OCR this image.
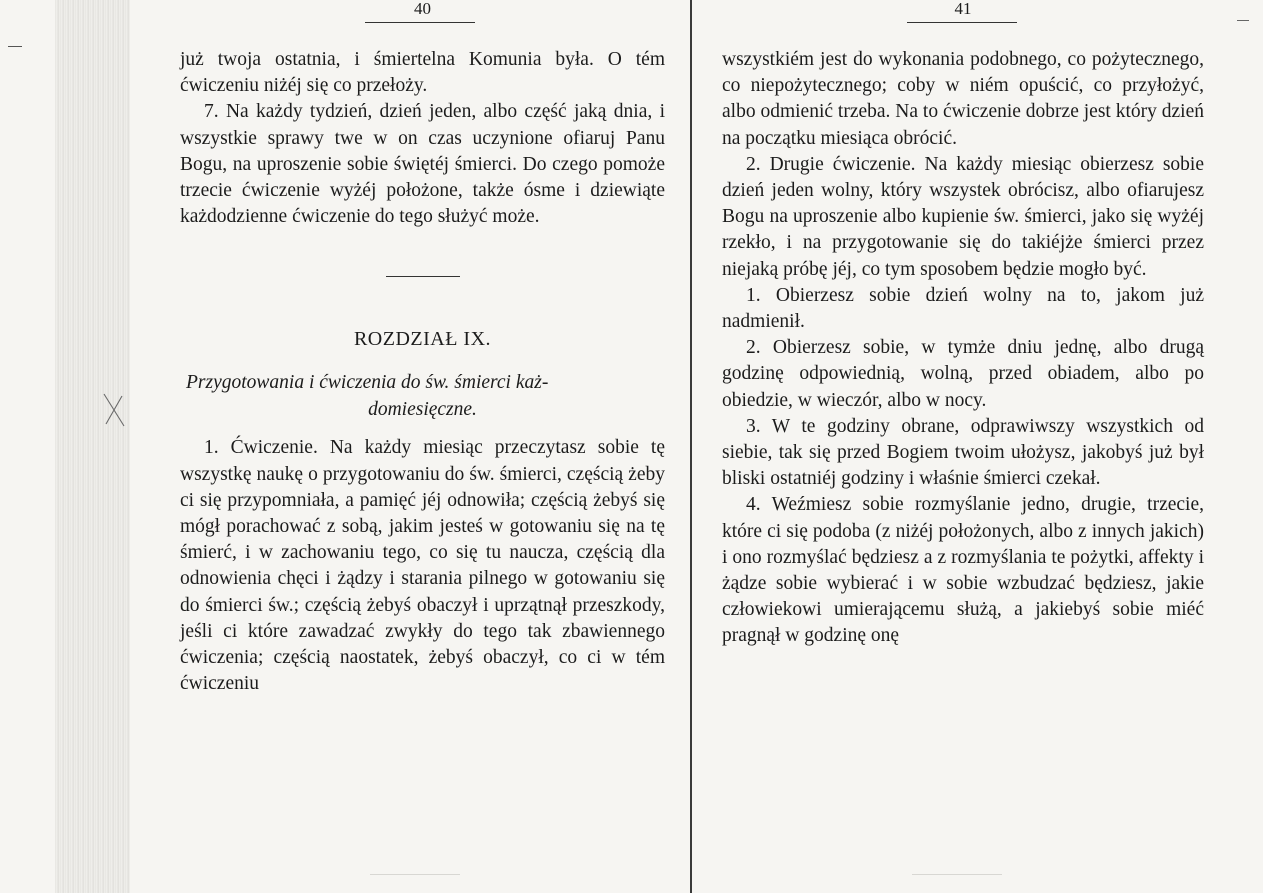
40

już twoja ostatnia, i śmiertelna Komunia była. O tém ćwiczeniu niżéj się co przełoży.

7. Na każdy tydzień, dzień jeden, albo część jaką dnia, i wszystkie sprawy twe w on czas uczynione ofiaruj Panu Bogu, na uproszenie sobie świętéj śmierci. Do czego pomoże trzecie ćwiczenie wyżéj położone, także ósme i dziewiąte każdodzienne ćwiczenie do tego służyć może.

ROZDZIAŁ IX.
Przygotowania i ćwiczenia do św. śmierci każ-
domiesięczne.

1. Ćwiczenie. Na każdy miesiąc przeczytasz sobie tę wszystkę naukę o przygotowaniu do św. śmierci, częścią żeby ci się przypomniała, a pamięć jéj odnowiła; częścią żebyś się mógł porachować z sobą, jakim jesteś w gotowaniu się na tę śmierć, i w zachowaniu tego, co się tu naucza, częścią dla odnowienia chęci i żądzy i starania pilnego w gotowaniu się do śmierci św.; częścią żebyś obaczył i uprzątnął przeszkody, jeśli ci które zawadzać zwykły do tego tak zbawiennego ćwiczenia; częścią naostatek, żebyś obaczył, co ci w tém ćwiczeniu

41

wszystkiém jest do wykonania podobnego, co pożytecznego, co niepożytecznego; coby w niém opuścić, co przyłożyć, albo odmienić trzeba. Na to ćwiczenie dobrze jest który dzień na początku miesiąca obrócić.

2. Drugie ćwiczenie. Na każdy miesiąc obierzesz sobie dzień jeden wolny, który wszystek obrócisz, albo ofiarujesz Bogu na uproszenie albo kupienie św. śmierci, jako się wyżéj rzekło, i na przygotowanie się do takiéjże śmierci przez niejaką próbę jéj, co tym sposobem będzie mogło być.

1. Obierzesz sobie dzień wolny na to, jakom już nadmienił.

2. Obierzesz sobie, w tymże dniu jednę, albo drugą godzinę odpowiednią, wolną, przed obiadem, albo po obiedzie, w wieczór, albo w nocy.

3. W te godziny obrane, odprawiwszy wszystkich od siebie, tak się przed Bogiem twoim ułożysz, jakobyś już był bliski ostatniéj godziny i właśnie śmierci czekał.

4. Weźmiesz sobie rozmyślanie jedno, drugie, trzecie, które ci się podoba (z niżéj położonych, albo z innych jakich) i ono rozmyślać będziesz a z rozmyślania te pożytki, affekty i żądze sobie wybierać i w sobie wzbudzać będziesz, jakie człowiekowi umierającemu służą, a jakiebyś sobie miéć pragnął w godzinę onę
